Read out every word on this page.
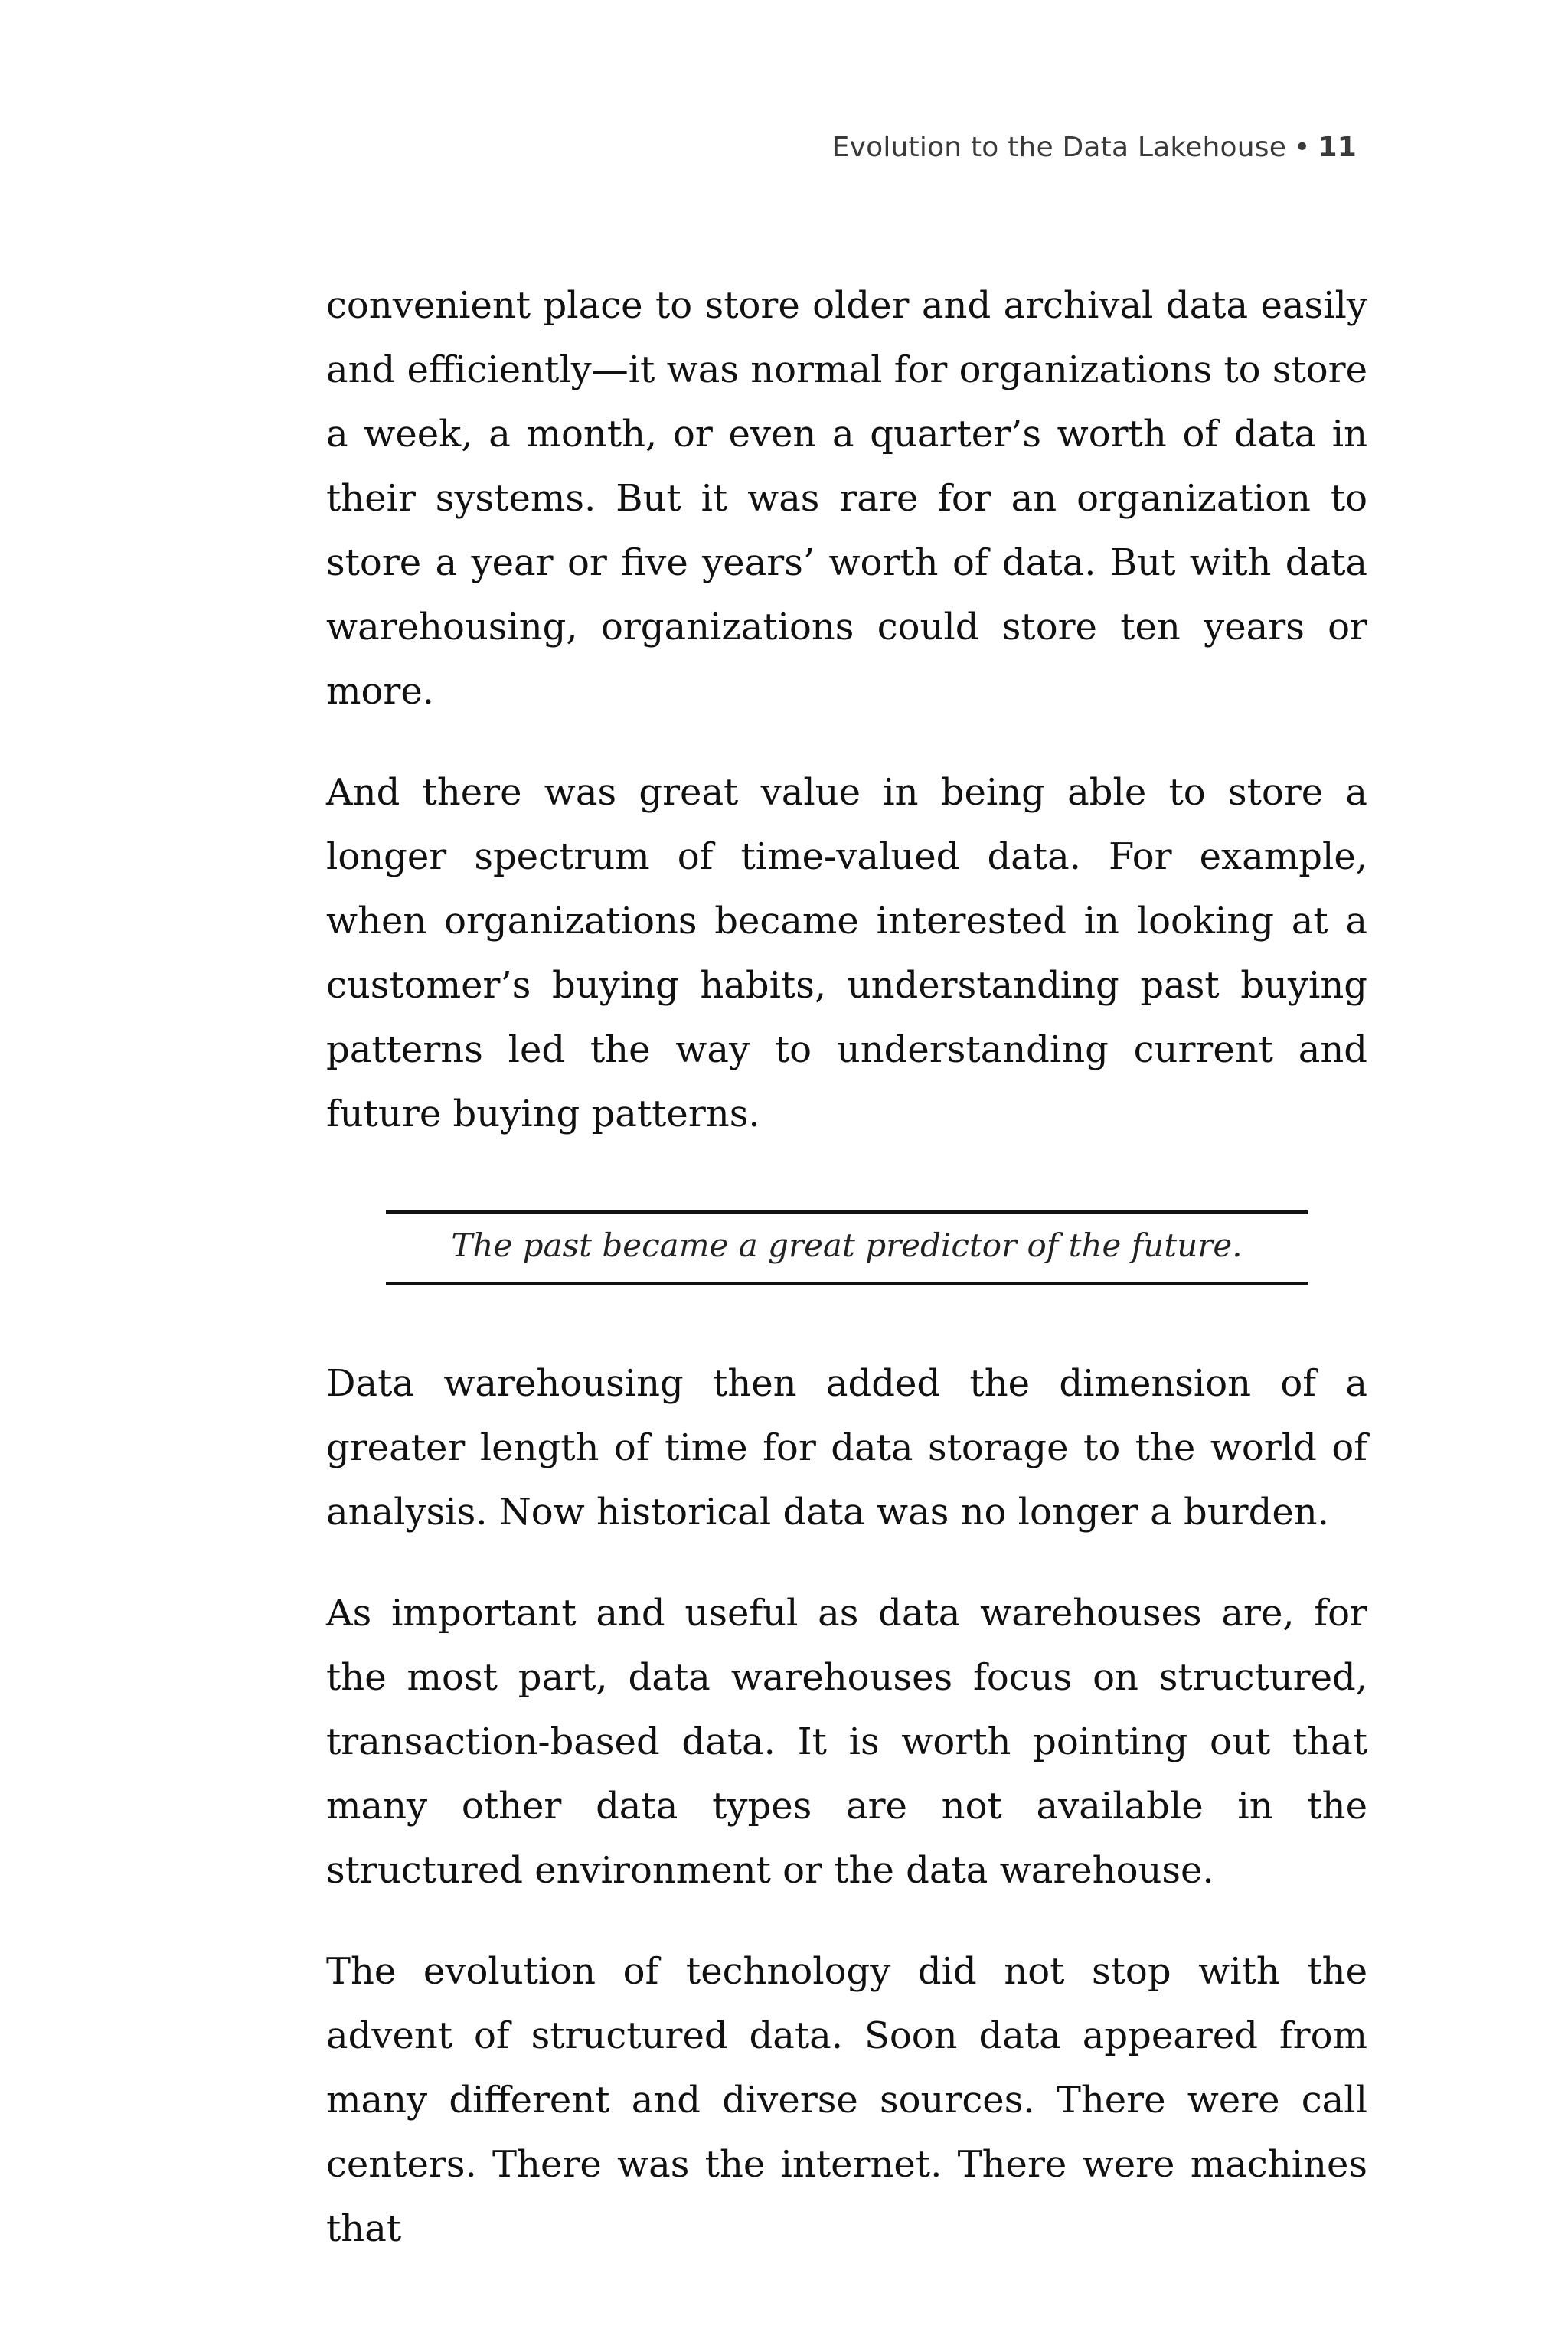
Evolution to the Data Lakehouse • 11

convenient place to store older and archival data easily and efficiently—it was normal for organizations to store a week, a month, or even a quarter’s worth of data in their systems. But it was rare for an organization to store a year or five years’ worth of data. But with data warehousing, organizations could store ten years or more.

And there was great value in being able to store a longer spectrum of time-valued data. For example, when organizations became interested in looking at a customer’s buying habits, understanding past buying patterns led the way to understanding current and future buying patterns.

The past became a great predictor of the future.

Data warehousing then added the dimension of a greater length of time for data storage to the world of analysis. Now historical data was no longer a burden.

As important and useful as data warehouses are, for the most part, data warehouses focus on structured, transaction-based data. It is worth pointing out that many other data types are not available in the structured environment or the data warehouse.

The evolution of technology did not stop with the advent of structured data. Soon data appeared from many different and diverse sources. There were call centers. There was the internet. There were machines that
